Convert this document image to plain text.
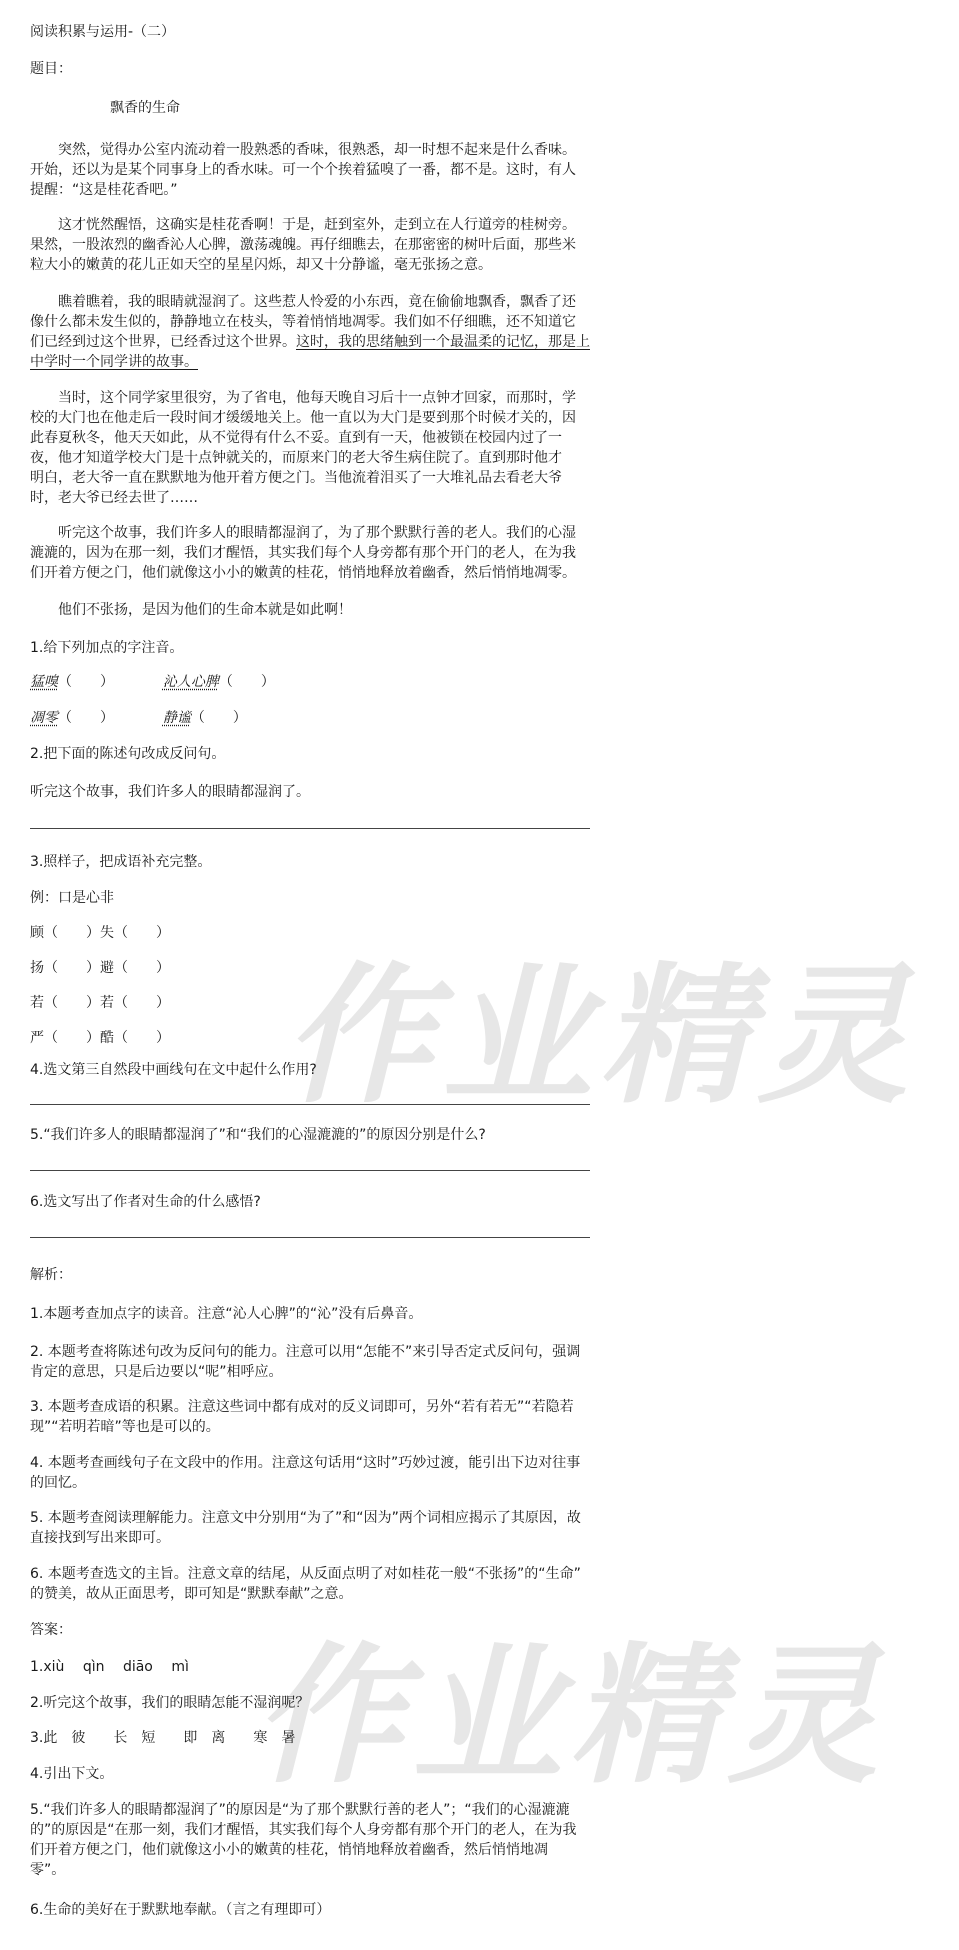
作业精灵
作业精灵
阅读积累与运用-（二）
题目：
飘香的生命
突然，觉得办公室内流动着一股熟悉的香味，很熟悉，却一时想不起来是什么香味。
开始，还以为是某个同事身上的香水味。可一个个挨着猛嗅了一番，都不是。这时，有人
提醒：“这是桂花香吧。”
这才恍然醒悟，这确实是桂花香啊！于是，赶到室外，走到立在人行道旁的桂树旁。
果然，一股浓烈的幽香沁人心脾，激荡魂魄。再仔细瞧去，在那密密的树叶后面，那些米
粒大小的嫩黄的花儿正如天空的星星闪烁，却又十分静谧，毫无张扬之意。
瞧着瞧着，我的眼睛就湿润了。这些惹人怜爱的小东西，竟在偷偷地飘香，飘香了还
像什么都未发生似的，静静地立在枝头，等着悄悄地凋零。我们如不仔细瞧，还不知道它
们已经到过这个世界，已经香过这个世界。这时，我的思绪触到一个最温柔的记忆，那是上
中学时一个同学讲的故事。
当时，这个同学家里很穷，为了省电，他每天晚自习后十一点钟才回家，而那时，学
校的大门也在他走后一段时间才缓缓地关上。他一直以为大门是要到那个时候才关的，因
此春夏秋冬，他天天如此，从不觉得有什么不妥。直到有一天，他被锁在校园内过了一
夜，他才知道学校大门是十点钟就关的，而原来门的老大爷生病住院了。直到那时他才
明白，老大爷一直在默默地为他开着方便之门。当他流着泪买了一大堆礼品去看老大爷
时，老大爷已经去世了……
听完这个故事，我们许多人的眼睛都湿润了，为了那个默默行善的老人。我们的心湿
漉漉的，因为在那一刻，我们才醒悟，其实我们每个人身旁都有那个开门的老人，在为我
们开着方便之门，他们就像这小小的嫩黄的桂花，悄悄地释放着幽香，然后悄悄地凋零。
他们不张扬，是因为他们的生命本就是如此啊！
1.给下列加点的字注音。
猛嗅（　　）	沁人心脾（　　）
凋零（　　）	静谧（　　）
2.把下面的陈述句改成反问句。
听完这个故事，我们许多人的眼睛都湿润了。
3.照样子，把成语补充完整。
例：口是心非
顾（　　）失（　　）
扬（　　）避（　　）
若（　　）若（　　）
严（　　）酷（　　）
4.选文第三自然段中画线句在文中起什么作用?
5.“我们许多人的眼睛都湿润了”和“我们的心湿漉漉的”的原因分别是什么?
6.选文写出了作者对生命的什么感悟?
解析：
1.本题考查加点字的读音。注意“沁人心脾”的“沁”没有后鼻音。
2. 本题考查将陈述句改为反问句的能力。注意可以用“怎能不”来引导否定式反问句，强调
肯定的意思，只是后边要以“呢”相呼应。
3. 本题考查成语的积累。注意这些词中都有成对的反义词即可，另外“若有若无”“若隐若
现”“若明若暗”等也是可以的。
4. 本题考查画线句子在文段中的作用。注意这句话用“这时”巧妙过渡，能引出下边对往事
的回忆。
5. 本题考查阅读理解能力。注意文中分别用“为了”和“因为”两个词相应揭示了其原因，故
直接找到写出来即可。
6. 本题考查选文的主旨。注意文章的结尾，从反面点明了对如桂花一般“不张扬”的“生命”
的赞美，故从正面思考，即可知是“默默奉献”之意。
答案：
1.xiù　 qìn　 diāo　 mì
2.听完这个故事，我们的眼睛怎能不湿润呢？
3.此　彼　　长　短　　即　离　　寒　暑
4.引出下文。
5.“我们许多人的眼睛都湿润了”的原因是“为了那个默默行善的老人”；“我们的心湿漉漉
的”的原因是“在那一刻，我们才醒悟，其实我们每个人身旁都有那个开门的老人，在为我
们开着方便之门，他们就像这小小的嫩黄的桂花，悄悄地释放着幽香，然后悄悄地凋
零”。
6.生命的美好在于默默地奉献。（言之有理即可）
